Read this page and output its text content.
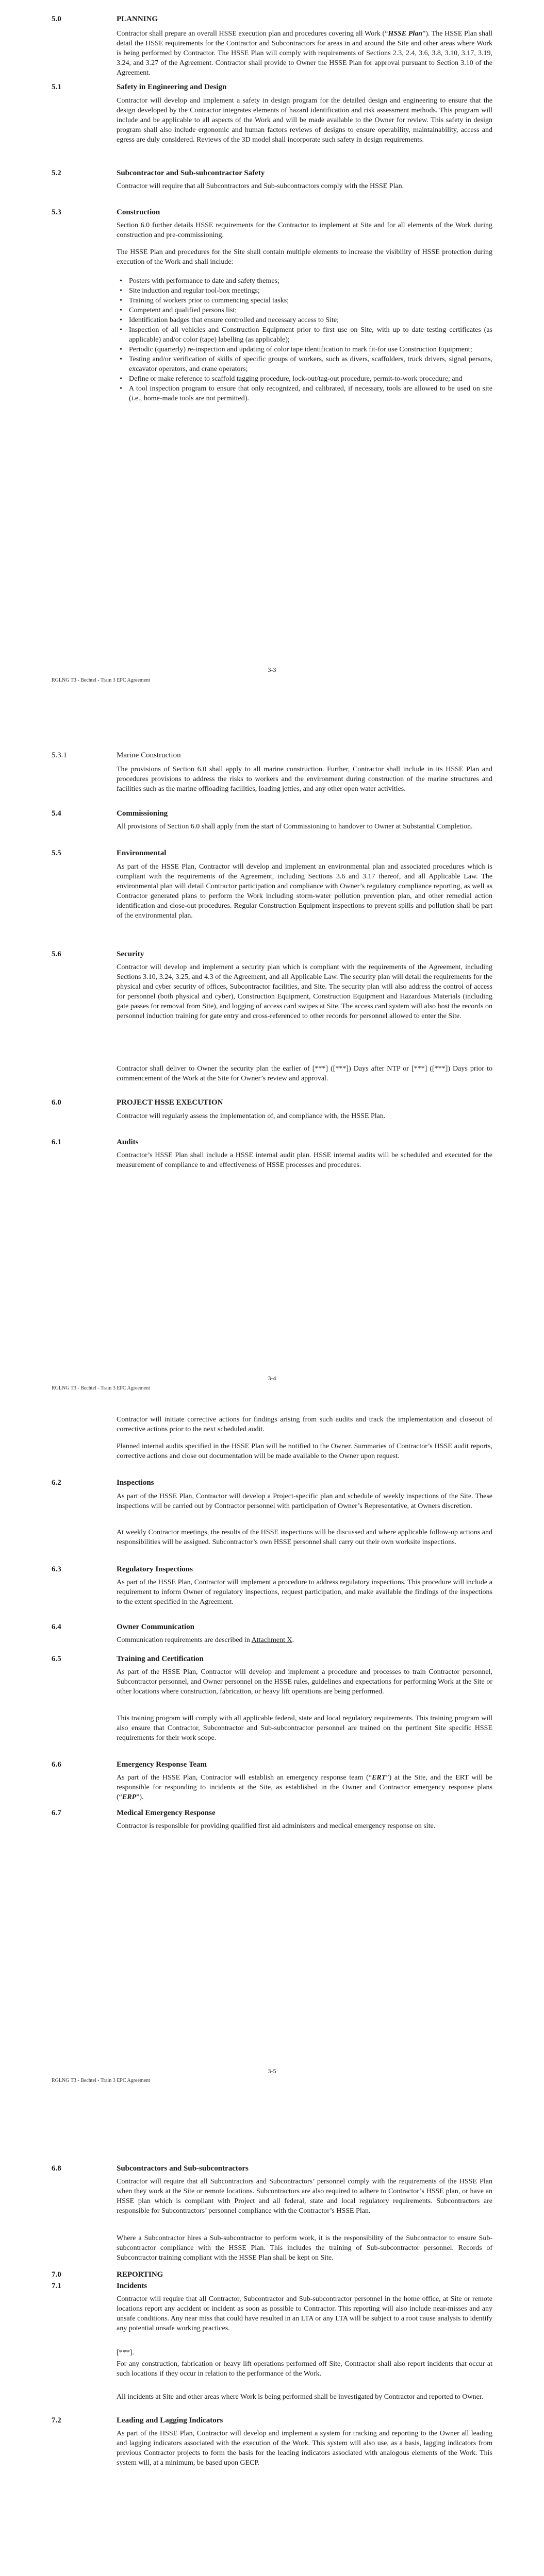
5.0	PLANNING
Contractor shall prepare an overall HSSE execution plan and procedures covering all Work (“HSSE Plan”). The HSSE Plan shall detail the HSSE requirements for the Contractor and Subcontractors for areas in and around the Site and other areas where Work is being performed by Contractor. The HSSE Plan will comply with requirements of Sections 2.3, 2.4, 3.6, 3.8, 3.10, 3.17, 3.19, 3.24, and 3.27 of the Agreement. Contractor shall provide to Owner the HSSE Plan for approval pursuant to Section 3.10 of the Agreement.
5.1	Safety in Engineering and Design
Contractor will develop and implement a safety in design program for the detailed design and engineering to ensure that the design developed by the Contractor integrates elements of hazard identification and risk assessment methods. This program will include and be applicable to all aspects of the Work and will be made available to the Owner for review. This safety in design program shall also include ergonomic and human factors reviews of designs to ensure operability, maintainability, access and egress are duly considered. Reviews of the 3D model shall incorporate such safety in design requirements.
5.2	Subcontractor and Sub-subcontractor Safety
Contractor will require that all Subcontractors and Sub-subcontractors comply with the HSSE Plan.
5.3	Construction
Section 6.0 further details HSSE requirements for the Contractor to implement at Site and for all elements of the Work during construction and pre-commissioning.
The HSSE Plan and procedures for the Site shall contain multiple elements to increase the visibility of HSSE protection during execution of the Work and shall include:
• Posters with performance to date and safety themes;
• Site induction and regular tool-box meetings;
• Training of workers prior to commencing special tasks;
• Competent and qualified persons list;
• Identification badges that ensure controlled and necessary access to Site;
• Inspection of all vehicles and Construction Equipment prior to first use on Site, with up to date testing certificates (as applicable) and/or color (tape) labelling (as applicable);
• Periodic (quarterly) re-inspection and updating of color tape identification to mark fit-for use Construction Equipment;
• Testing and/or verification of skills of specific groups of workers, such as divers, scaffolders, truck drivers, signal persons, excavator operators, and crane operators;
• Define or make reference to scaffold tagging procedure, lock-out/tag-out procedure, permit-to-work procedure; and
• A tool inspection program to ensure that only recognized, and calibrated, if necessary, tools are allowed to be used on site (i.e., home-made tools are not permitted).
3-3
RGLNG T3 - Bechtel - Train 3 EPC Agreement
5.3.1	Marine Construction
The provisions of Section 6.0 shall apply to all marine construction. Further, Contractor shall include in its HSSE Plan and procedures provisions to address the risks to workers and the environment during construction of the marine structures and facilities such as the marine offloading facilities, loading jetties, and any other open water activities.
5.4	Commissioning
All provisions of Section 6.0 shall apply from the start of Commissioning to handover to Owner at Substantial Completion.
5.5	Environmental
As part of the HSSE Plan, Contractor will develop and implement an environmental plan and associated procedures which is compliant with the requirements of the Agreement, including Sections 3.6 and 3.17 thereof, and all Applicable Law. The environmental plan will detail Contractor participation and compliance with Owner’s regulatory compliance reporting, as well as Contractor generated plans to perform the Work including storm-water pollution prevention plan, and other remedial action identification and close-out procedures. Regular Construction Equipment inspections to prevent spills and pollution shall be part of the environmental plan.
5.6	Security
Contractor will develop and implement a security plan which is compliant with the requirements of the Agreement, including Sections 3.10, 3.24, 3.25, and 4.3 of the Agreement, and all Applicable Law. The security plan will detail the requirements for the physical and cyber security of offices, Subcontractor facilities, and Site. The security plan will also address the control of access for personnel (both physical and cyber), Construction Equipment, Construction Equipment and Hazardous Materials (including gate passes for removal from Site), and logging of access card swipes at Site. The access card system will also host the records on personnel induction training for gate entry and cross-referenced to other records for personnel allowed to enter the Site.
Contractor shall deliver to Owner the security plan the earlier of [***] ([***]) Days after NTP or [***] ([***]) Days prior to commencement of the Work at the Site for Owner’s review and approval.
6.0	PROJECT HSSE EXECUTION
Contractor will regularly assess the implementation of, and compliance with, the HSSE Plan.
6.1	Audits
Contractor’s HSSE Plan shall include a HSSE internal audit plan. HSSE internal audits will be scheduled and executed for the measurement of compliance to and effectiveness of HSSE processes and procedures.
3-4
RGLNG T3 - Bechtel - Train 3 EPC Agreement
Contractor will initiate corrective actions for findings arising from such audits and track the implementation and closeout of corrective actions prior to the next scheduled audit.
Planned internal audits specified in the HSSE Plan will be notified to the Owner. Summaries of Contractor’s HSSE audit reports, corrective actions and close out documentation will be made available to the Owner upon request.
6.2	Inspections
As part of the HSSE Plan, Contractor will develop a Project-specific plan and schedule of weekly inspections of the Site. These inspections will be carried out by Contractor personnel with participation of Owner’s Representative, at Owners discretion.
At weekly Contractor meetings, the results of the HSSE inspections will be discussed and where applicable follow-up actions and responsibilities will be assigned. Subcontractor’s own HSSE personnel shall carry out their own worksite inspections.
6.3	Regulatory Inspections
As part of the HSSE Plan, Contractor will implement a procedure to address regulatory inspections. This procedure will include a requirement to inform Owner of regulatory inspections, request participation, and make available the findings of the inspections to the extent specified in the Agreement.
6.4	Owner Communication
Communication requirements are described in Attachment X.
6.5	Training and Certification
As part of the HSSE Plan, Contractor will develop and implement a procedure and processes to train Contractor personnel, Subcontractor personnel, and Owner personnel on the HSSE rules, guidelines and expectations for performing Work at the Site or other locations where construction, fabrication, or heavy lift operations are being performed.
This training program will comply with all applicable federal, state and local regulatory requirements. This training program will also ensure that Contractor, Subcontractor and Sub-subcontractor personnel are trained on the pertinent Site specific HSSE requirements for their work scope.
6.6	Emergency Response Team
As part of the HSSE Plan, Contractor will establish an emergency response team (“ERT”) at the Site, and the ERT will be responsible for responding to incidents at the Site, as established in the Owner and Contractor emergency response plans (“ERP”).
6.7	Medical Emergency Response
Contractor is responsible for providing qualified first aid administers and medical emergency response on site.
3-5
RGLNG T3 - Bechtel - Train 3 EPC Agreement
6.8	Subcontractors and Sub-subcontractors
Contractor will require that all Subcontractors and Subcontractors’ personnel comply with the requirements of the HSSE Plan when they work at the Site or remote locations. Subcontractors are also required to adhere to Contractor’s HSSE plan, or have an HSSE plan which is compliant with Project and all federal, state and local regulatory requirements. Subcontractors are responsible for Subcontractors’ personnel compliance with the Contractor’s HSSE Plan.
Where a Subcontractor hires a Sub-subcontractor to perform work, it is the responsibility of the Subcontractor to ensure Sub-subcontractor compliance with the HSSE Plan. This includes the training of Sub-subcontractor personnel. Records of Subcontractor training compliant with the HSSE Plan shall be kept on Site.
7.0	REPORTING
7.1	Incidents
Contractor will require that all Contractor, Subcontractor and Sub-subcontractor personnel in the home office, at Site or remote locations report any accident or incident as soon as possible to Contractor. This reporting will also include near-misses and any unsafe conditions. Any near miss that could have resulted in an LTA or any LTA will be subject to a root cause analysis to identify any potential unsafe working practices.
[***].
For any construction, fabrication or heavy lift operations performed off Site, Contractor shall also report incidents that occur at such locations if they occur in relation to the performance of the Work.
All incidents at Site and other areas where Work is being performed shall be investigated by Contractor and reported to Owner.
7.2	Leading and Lagging Indicators
As part of the HSSE Plan, Contractor will develop and implement a system for tracking and reporting to the Owner all leading and lagging indicators associated with the execution of the Work. This system will also use, as a basis, lagging indicators from previous Contractor projects to form the basis for the leading indicators associated with analogous elements of the Work. This system will, at a minimum, be based upon GECP.
